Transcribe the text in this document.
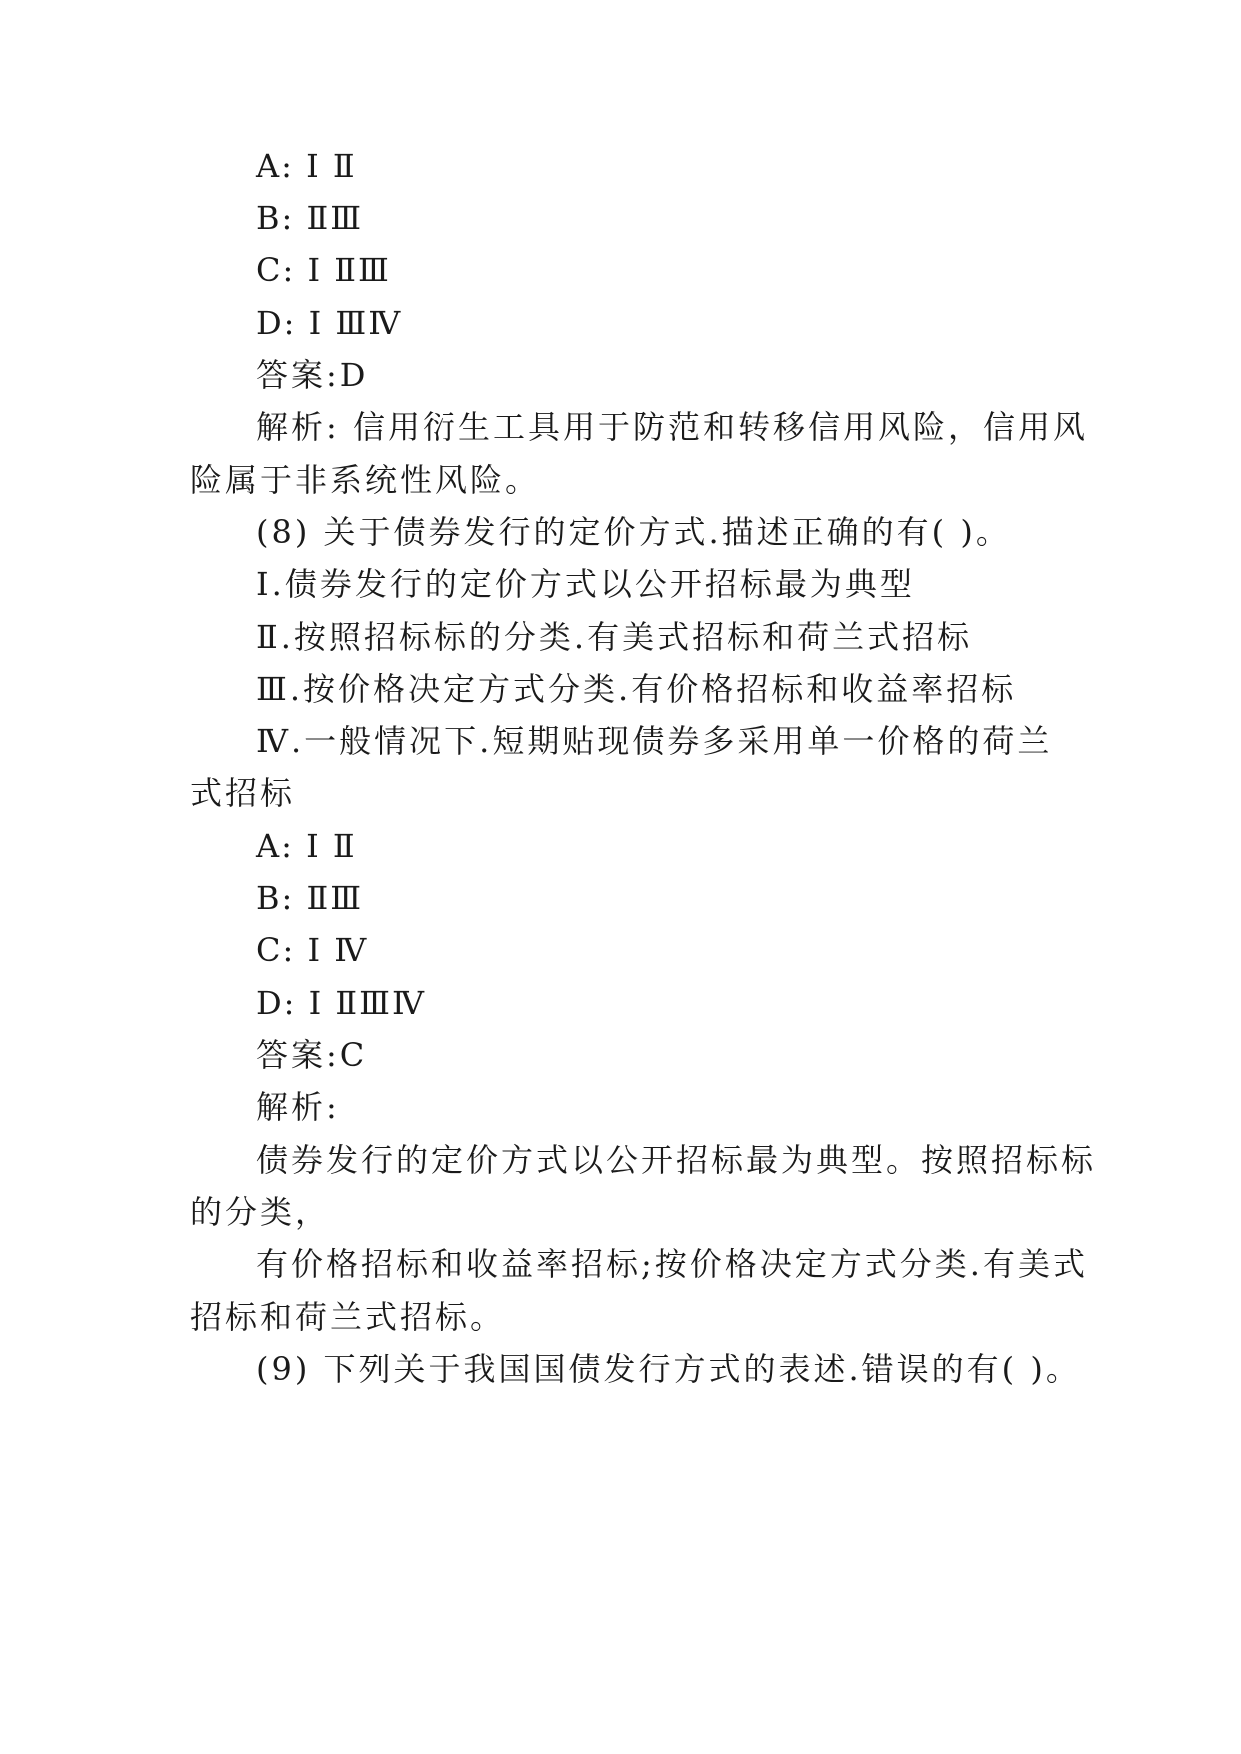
A: Ⅰ Ⅱ
B: ⅡⅢ
C: Ⅰ ⅡⅢ
D: Ⅰ ⅢⅣ
答案:D
解析: 信用衍生工具用于防范和转移信用风险，信用风
险属于非系统性风险。
(8) 关于债券发行的定价方式.描述正确的有( )。
Ⅰ.债券发行的定价方式以公开招标最为典型
Ⅱ.按照招标标的分类.有美式招标和荷兰式招标
Ⅲ.按价格决定方式分类.有价格招标和收益率招标
Ⅳ.一般情况下.短期贴现债券多采用单一价格的荷兰
式招标
A: Ⅰ Ⅱ
B: ⅡⅢ
C: Ⅰ Ⅳ
D: Ⅰ ⅡⅢⅣ
答案:C
解析:
债券发行的定价方式以公开招标最为典型。按照招标标
的分类，
有价格招标和收益率招标;按价格决定方式分类.有美式
招标和荷兰式招标。
(9) 下列关于我国国债发行方式的表述.错误的有( )。
